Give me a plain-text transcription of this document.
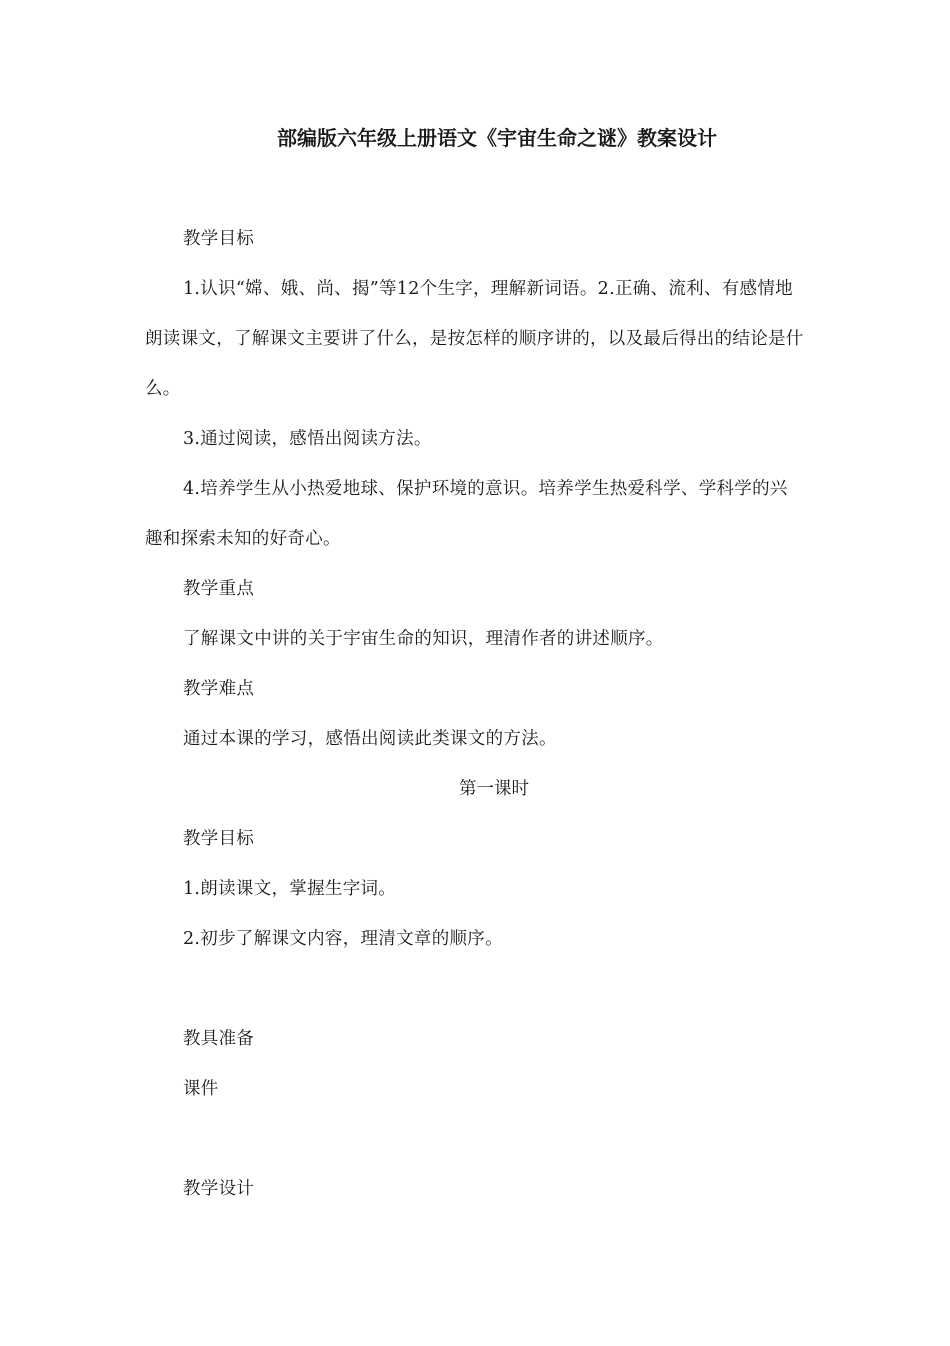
部编版六年级上册语文《宇宙生命之谜》教案设计

教学目标

1.认识“嫦、娥、尚、揭”等12个生字，理解新词语。2.正确、流利、有感情地朗读课文，了解课文主要讲了什么，是按怎样的顺序讲的，以及最后得出的结论是什么。

3.通过阅读，感悟出阅读方法。

4.培养学生从小热爱地球、保护环境的意识。培养学生热爱科学、学科学的兴趣和探索未知的好奇心。

教学重点

了解课文中讲的关于宇宙生命的知识，理清作者的讲述顺序。

教学难点

通过本课的学习，感悟出阅读此类课文的方法。

第一课时

教学目标

1.朗读课文，掌握生字词。

2.初步了解课文内容，理清文章的顺序。

教具准备

课件

教学设计
